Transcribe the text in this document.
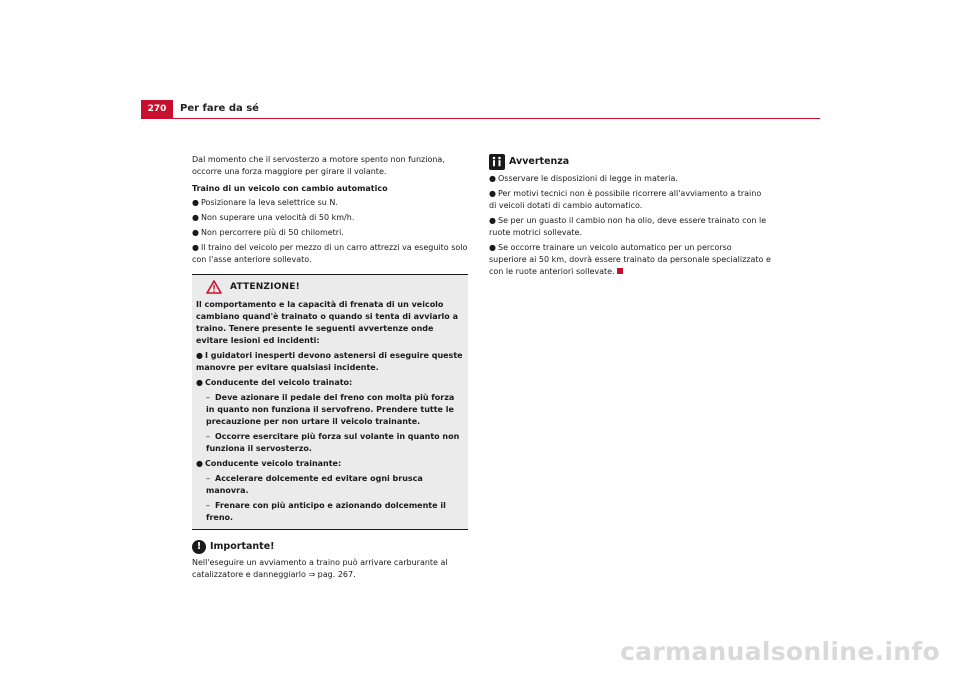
270	Per fare da sé

Dal momento che il servosterzo a motore spento non funziona, occorre una forza maggiore per girare il volante.

Traino di un veicolo con cambio automatico

● Posizionare la leva selettrice su N.

● Non superare una velocità di 50 km/h.

● Non percorrere più di 50 chilometri.

● Il traino del veicolo per mezzo di un carro attrezzi va eseguito solo con l'asse anteriore sollevato.

ATTENZIONE!

Il comportamento e la capacità di frenata di un veicolo cambiano quand'è trainato o quando si tenta di avviarlo a traino. Tenere presente le seguenti avvertenze onde evitare lesioni ed incidenti:

● I guidatori inesperti devono astenersi di eseguire queste manovre per evitare qualsiasi incidente.

● Conducente del veicolo trainato:

– Deve azionare il pedale del freno con molta più forza in quanto non funziona il servofreno. Prendere tutte le precauzione per non urtare il veicolo trainante.

– Occorre esercitare più forza sul volante in quanto non funziona il servosterzo.

● Conducente veicolo trainante:

– Accelerare dolcemente ed evitare ogni brusca manovra.

– Frenare con più anticipo e azionando dolcemente il freno.

! Importante!

Nell'eseguire un avviamento a traino può arrivare carburante al catalizzatore e danneggiarlo ⇒ pag. 267.

Avvertenza

● Osservare le disposizioni di legge in materia.

● Per motivi tecnici non è possibile ricorrere all'avviamento a traino di veicoli dotati di cambio automatico.

● Se per un guasto il cambio non ha olio, deve essere trainato con le ruote motrici sollevate.

● Se occorre trainare un veicolo automatico per un percorso superiore ai 50 km, dovrà essere trainato da personale specializzato e con le ruote anteriori sollevate.

carmanualsonline.info
